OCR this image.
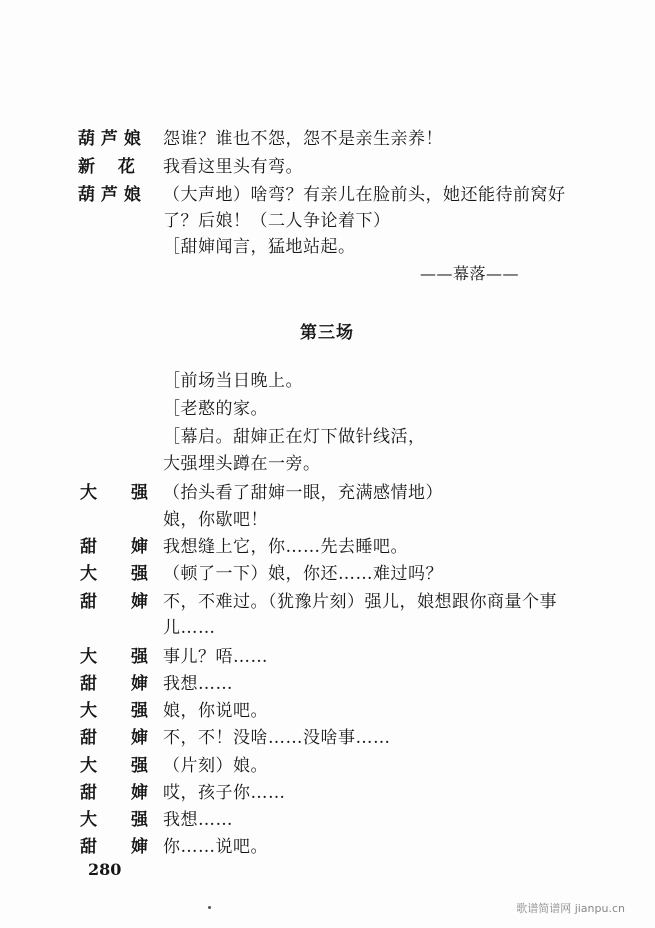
葫 芦 娘 怨谁？谁也不怨，怨不是亲生亲养！
新　 花 我看这里头有弯。
葫 芦 娘 （大声地）啥弯？有亲儿在脸前头，她还能待前窝好
了？后娘！（二人争论着下）
［甜婶闻言，猛地站起。
——幕落——
第三场
［前场当日晚上。
［老憨的家。
［幕启。甜婶正在灯下做针线活，
大强埋头蹲在一旁。
大　　强 （抬头看了甜婶一眼，充满感情地）
娘，你歇吧！
甜　　婶 我想缝上它，你……先去睡吧。
大　　强 （顿了一下）娘，你还……难过吗？
甜　　婶 不，不难过。（犹豫片刻）强儿，娘想跟你商量个事
儿……
大　　强 事儿？唔……
甜　　婶 我想……
大　　强 娘，你说吧。
甜　　婶 不，不！没啥……没啥事……
大　　强 （片刻）娘。
甜　　婶 哎，孩子你……
大　　强 我想……
甜　　婶 你……说吧。
280
歌谱简谱网 jianpu.cn
